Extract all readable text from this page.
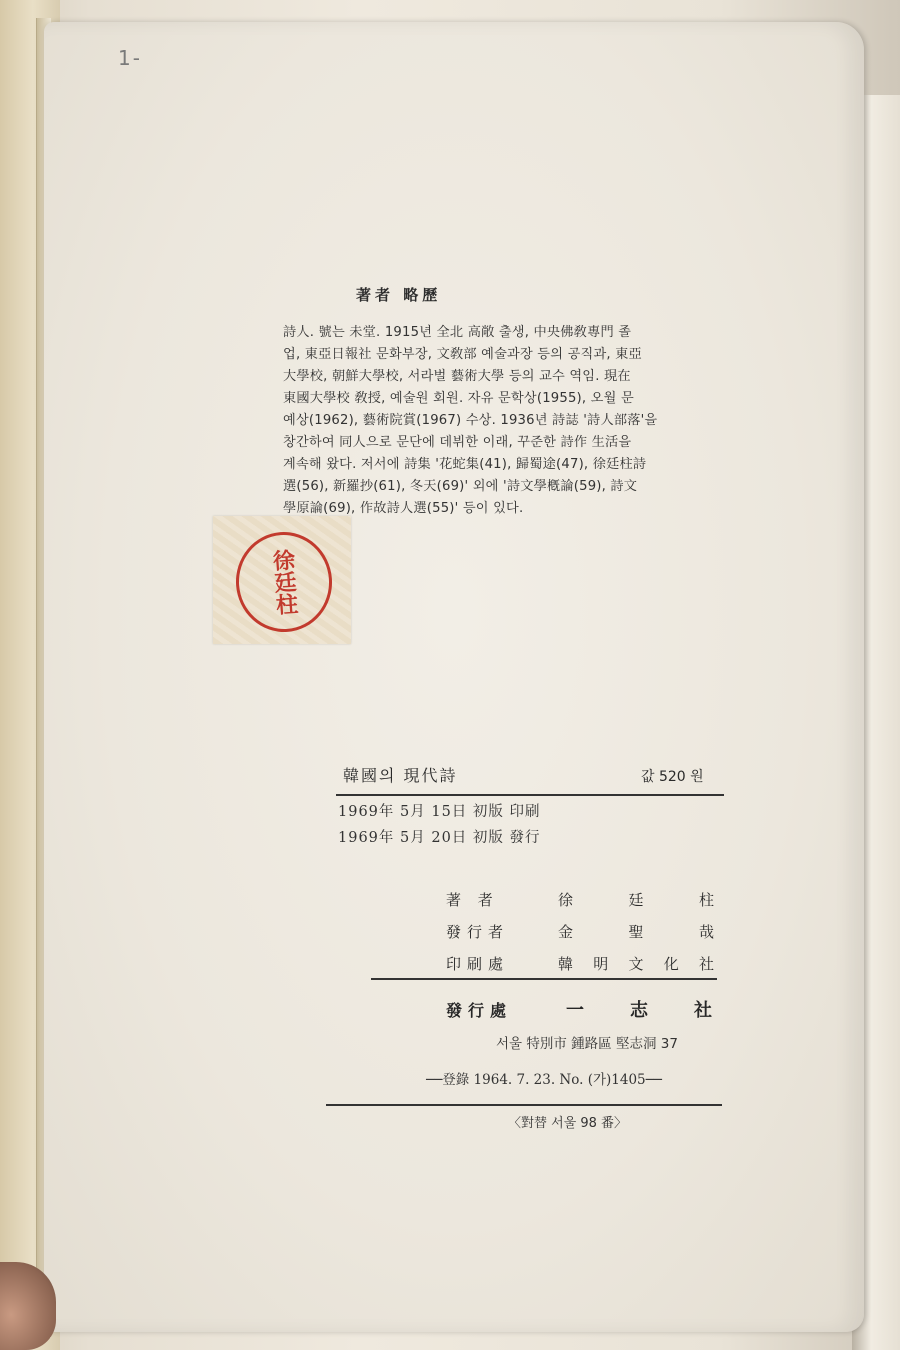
1-
著者 略歷
詩人. 號는 未堂. 1915년 全北 高敞 출생, 中央佛敎專門 졸
업, 東亞日報社 문화부장, 文敎部 예술과장 등의 공직과, 東亞
大學校, 朝鮮大學校, 서라벌 藝術大學 등의 교수 역임. 現在
東國大學校 敎授, 예술원 회원. 자유 문학상(1955), 오월 문
예상(1962), 藝術院賞(1967) 수상. 1936년 詩誌 '詩人部落'을
창간하여 同人으로 문단에 데뷔한 이래, 꾸준한 詩作 生活을
계속해 왔다. 저서에 詩集 '花蛇集(41), 歸蜀途(47), 徐廷柱詩
選(56), 新羅抄(61), 冬天(69)' 외에 '詩文學槪論(59), 詩文
學原論(69), 作故詩人選(55)' 등이 있다.
徐廷柱
韓國의 現代詩	값 520 원
1969年 5月 15日 初版 印刷
1969年 5月 20日 初版 發行
著 者	徐 廷 柱
發行者	金 聖 哉
印刷處	韓 明 文 化 社
發行處	一 志 社
서울 特別市 鍾路區 堅志洞 37
──登錄 1964. 7. 23. No. (가)1405──
〈對替 서울 98 番〉
